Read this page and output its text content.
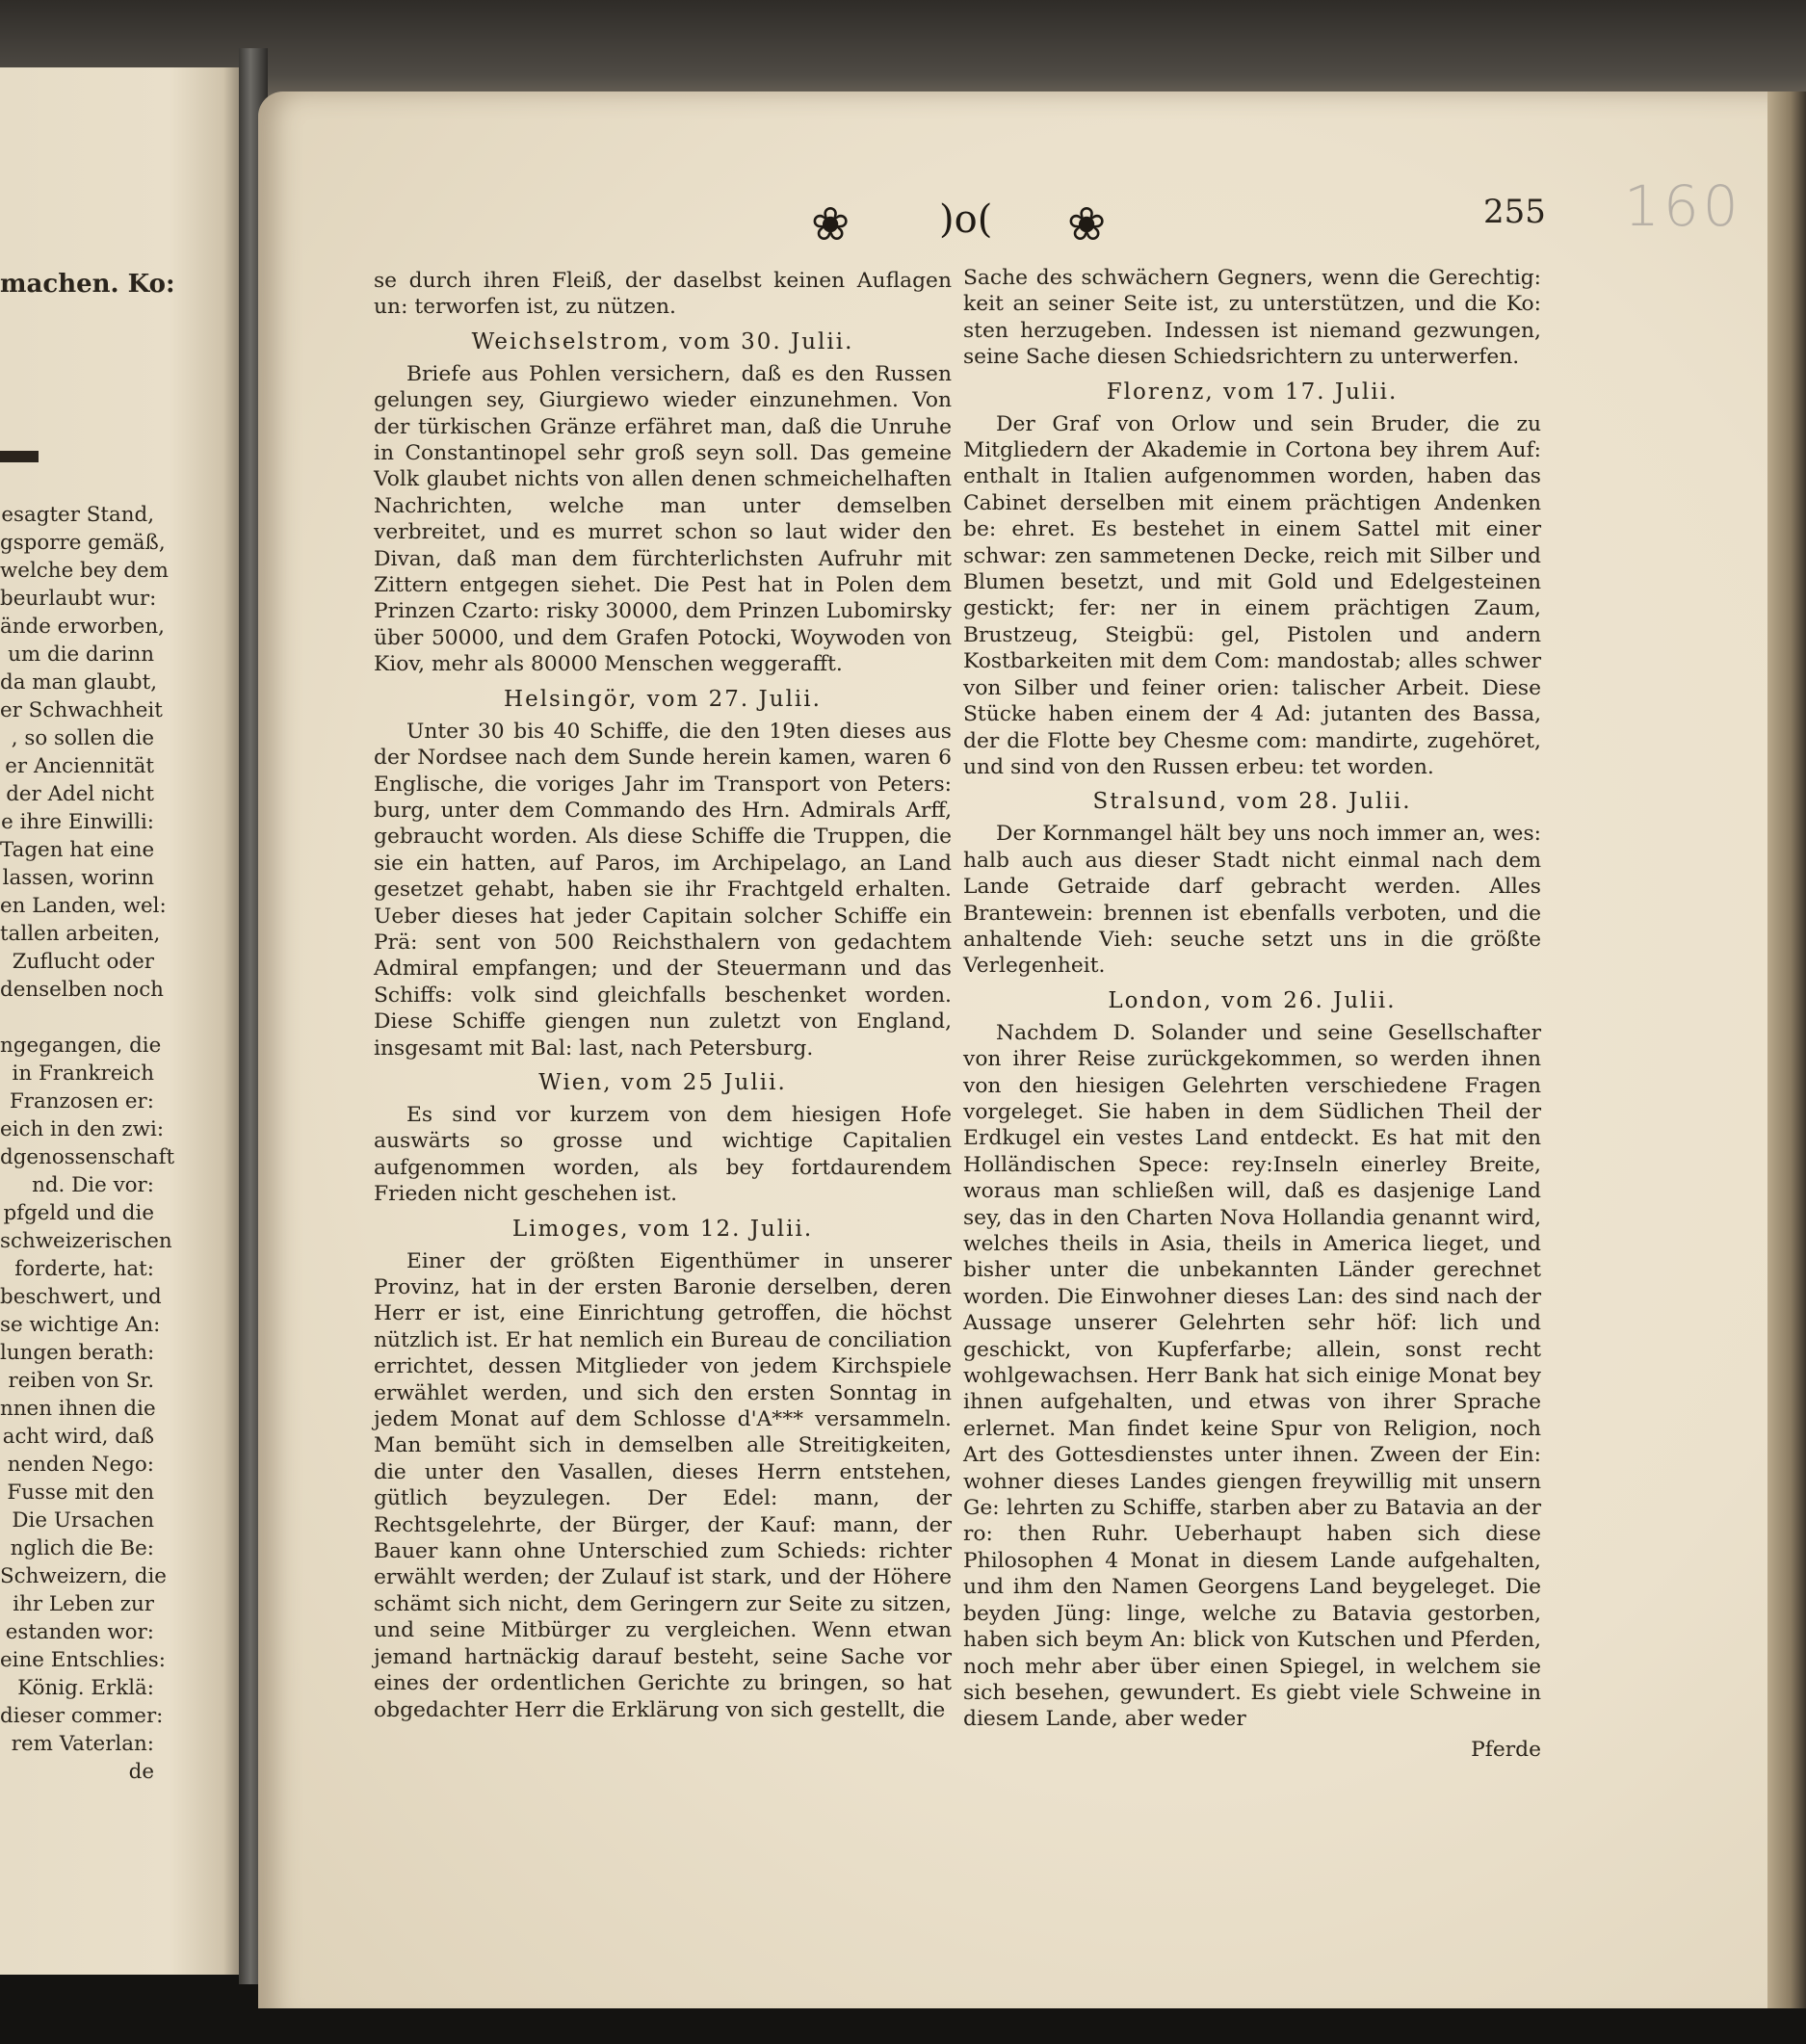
machen. Ko:
esagter Stand,
gsporre gemäß,
welche bey dem
beurlaubt wur:
ände erworben,
um die darinn
da man glaubt,
er Schwachheit
, so sollen die
er Anciennität
der Adel nicht
e ihre Einwilli:
Tagen hat eine
lassen, worinn
en Landen, wel:
tallen arbeiten,
Zuflucht oder
denselben noch

ngegangen, die
in Frankreich
Franzosen er:
eich in den zwi:
dgenossenschaft
nd. Die vor:
pfgeld und die
schweizerischen
forderte, hat:
beschwert, und
se wichtige An:
lungen berath:
reiben von Sr.
nnen ihnen die
acht wird, daß
nenden Nego:
Fusse mit den
Die Ursachen
nglich die Be:
Schweizern, die
ihr Leben zur
estanden wor:
eine Entschlies:
König. Erklä:
dieser commer:
rem Vaterlan:
de
❀ )o( ❀	255 160

se durch ihren Fleiß, der daselbst keinen Auflagen un: terworfen ist, zu nützen.

Weichselstrom, vom 30. Julii.

Briefe aus Pohlen versichern, daß es den Russen gelungen sey, Giurgiewo wieder einzunehmen. Von der türkischen Gränze erfähret man, daß die Unruhe in Constantinopel sehr groß seyn soll. Das gemeine Volk glaubet nichts von allen denen schmeichelhaften Nachrichten, welche man unter demselben verbreitet, und es murret schon so laut wider den Divan, daß man dem fürchterlichsten Aufruhr mit Zittern entgegen siehet. Die Pest hat in Polen dem Prinzen Czarto: risky 30000, dem Prinzen Lubomirsky über 50000, und dem Grafen Potocki, Woywoden von Kiov, mehr als 80000 Menschen weggerafft.

Helsingör, vom 27. Julii.

Unter 30 bis 40 Schiffe, die den 19ten dieses aus der Nordsee nach dem Sunde herein kamen, waren 6 Englische, die voriges Jahr im Transport von Peters: burg, unter dem Commando des Hrn. Admirals Arff, gebraucht worden. Als diese Schiffe die Truppen, die sie ein hatten, auf Paros, im Archipelago, an Land gesetzet gehabt, haben sie ihr Frachtgeld erhalten. Ueber dieses hat jeder Capitain solcher Schiffe ein Prä: sent von 500 Reichsthalern von gedachtem Admiral empfangen; und der Steuermann und das Schiffs: volk sind gleichfalls beschenket worden. Diese Schiffe giengen nun zuletzt von England, insgesamt mit Bal: last, nach Petersburg.

Wien, vom 25 Julii.

Es sind vor kurzem von dem hiesigen Hofe auswärts so grosse und wichtige Capitalien aufgenommen worden, als bey fortdaurendem Frieden nicht geschehen ist.

Limoges, vom 12. Julii.

Einer der größten Eigenthümer in unserer Provinz, hat in der ersten Baronie derselben, deren Herr er ist, eine Einrichtung getroffen, die höchst nützlich ist. Er hat nemlich ein Bureau de conciliation errichtet, dessen Mitglieder von jedem Kirchspiele erwählet werden, und sich den ersten Sonntag in jedem Monat auf dem Schlosse d'A*** versammeln. Man bemüht sich in demselben alle Streitigkeiten, die unter den Vasallen, dieses Herrn entstehen, gütlich beyzulegen. Der Edel: mann, der Rechtsgelehrte, der Bürger, der Kauf: mann, der Bauer kann ohne Unterschied zum Schieds: richter erwählt werden; der Zulauf ist stark, und der Höhere schämt sich nicht, dem Geringern zur Seite zu sitzen, und seine Mitbürger zu vergleichen. Wenn etwan jemand hartnäckig darauf besteht, seine Sache vor eines der ordentlichen Gerichte zu bringen, so hat obgedachter Herr die Erklärung von sich gestellt, die

Sache des schwächern Gegners, wenn die Gerechtig: keit an seiner Seite ist, zu unterstützen, und die Ko: sten herzugeben. Indessen ist niemand gezwungen, seine Sache diesen Schiedsrichtern zu unterwerfen.

Florenz, vom 17. Julii.

Der Graf von Orlow und sein Bruder, die zu Mitgliedern der Akademie in Cortona bey ihrem Auf: enthalt in Italien aufgenommen worden, haben das Cabinet derselben mit einem prächtigen Andenken be: ehret. Es bestehet in einem Sattel mit einer schwar: zen sammetenen Decke, reich mit Silber und Blumen besetzt, und mit Gold und Edelgesteinen gestickt; fer: ner in einem prächtigen Zaum, Brustzeug, Steigbü: gel, Pistolen und andern Kostbarkeiten mit dem Com: mandostab; alles schwer von Silber und feiner orien: talischer Arbeit. Diese Stücke haben einem der 4 Ad: jutanten des Bassa, der die Flotte bey Chesme com: mandirte, zugehöret, und sind von den Russen erbeu: tet worden.

Stralsund, vom 28. Julii.

Der Kornmangel hält bey uns noch immer an, wes: halb auch aus dieser Stadt nicht einmal nach dem Lande Getraide darf gebracht werden. Alles Brantewein: brennen ist ebenfalls verboten, und die anhaltende Vieh: seuche setzt uns in die größte Verlegenheit.

London, vom 26. Julii.

Nachdem D. Solander und seine Gesellschafter von ihrer Reise zurückgekommen, so werden ihnen von den hiesigen Gelehrten verschiedene Fragen vorgeleget. Sie haben in dem Südlichen Theil der Erdkugel ein vestes Land entdeckt. Es hat mit den Holländischen Spece: rey:Inseln einerley Breite, woraus man schließen will, daß es dasjenige Land sey, das in den Charten Nova Hollandia genannt wird, welches theils in Asia, theils in America lieget, und bisher unter die unbekannten Länder gerechnet worden. Die Einwohner dieses Lan: des sind nach der Aussage unserer Gelehrten sehr höf: lich und geschickt, von Kupferfarbe; allein, sonst recht wohlgewachsen. Herr Bank hat sich einige Monat bey ihnen aufgehalten, und etwas von ihrer Sprache erlernet. Man findet keine Spur von Religion, noch Art des Gottesdienstes unter ihnen. Zween der Ein: wohner dieses Landes giengen freywillig mit unsern Ge: lehrten zu Schiffe, starben aber zu Batavia an der ro: then Ruhr. Ueberhaupt haben sich diese Philosophen 4 Monat in diesem Lande aufgehalten, und ihm den Namen Georgens Land beygeleget. Die beyden Jüng: linge, welche zu Batavia gestorben, haben sich beym An: blick von Kutschen und Pferden, noch mehr aber über einen Spiegel, in welchem sie sich besehen, gewundert. Es giebt viele Schweine in diesem Lande, aber weder

Pferde
